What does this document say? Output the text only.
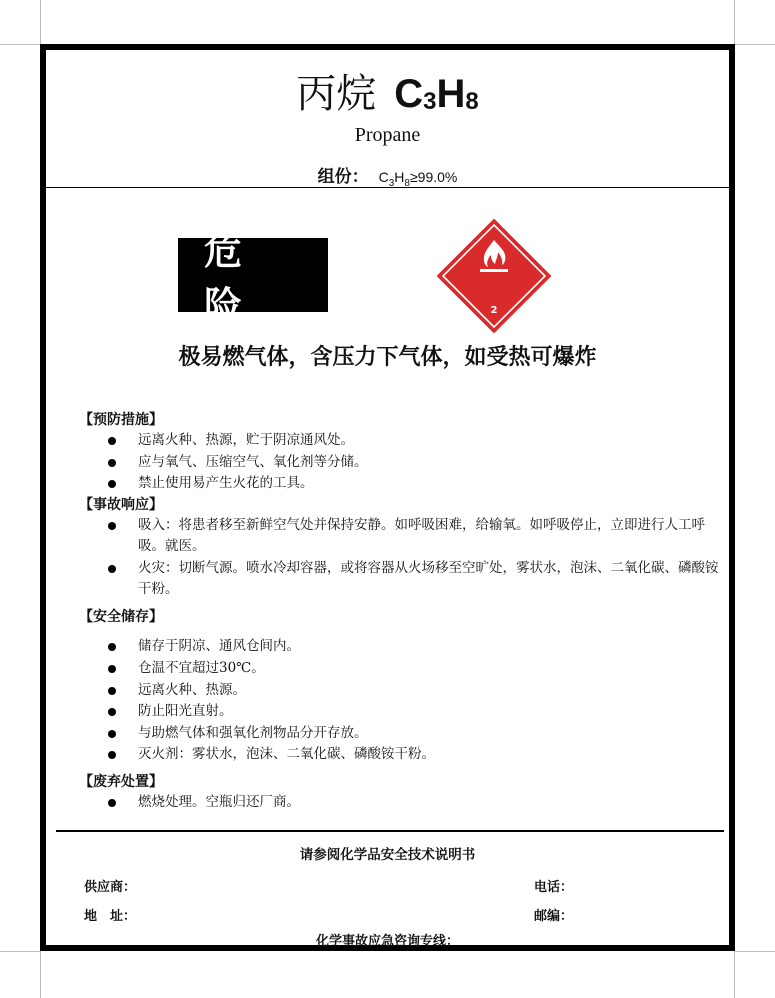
丙烷 $C_3H_8$
Propane
组份： $C_3H_8\ge 99.0\%$
危险	2
极易燃气体，含压力下气体，如受热可爆炸
【预防措施】
远离火种、热源，贮于阴凉通风处。
应与氧气、压缩空气、氧化剂等分储。
禁止使用易产生火花的工具。
【事故响应】
吸入：将患者移至新鲜空气处并保持安静。如呼吸困难，给输氧。如呼吸停止，立即进行人工呼吸。就医。
火灾：切断气源。喷水冷却容器，或将容器从火场移至空旷处，雾状水，泡沫、二氧化碳、磷酸铵干粉。
【安全储存】
储存于阴凉、通风仓间内。
仓温不宜超过30℃。
远离火种、热源。
防止阳光直射。
与助燃气体和强氧化剂物品分开存放。
灭火剂：雾状水，泡沫、二氧化碳、磷酸铵干粉。
【废弃处置】
燃烧处理。空瓶归还厂商。
请参阅化学品安全技术说明书
供应商：	电话：
地　址：	邮编：
化学事故应急咨询专线：
